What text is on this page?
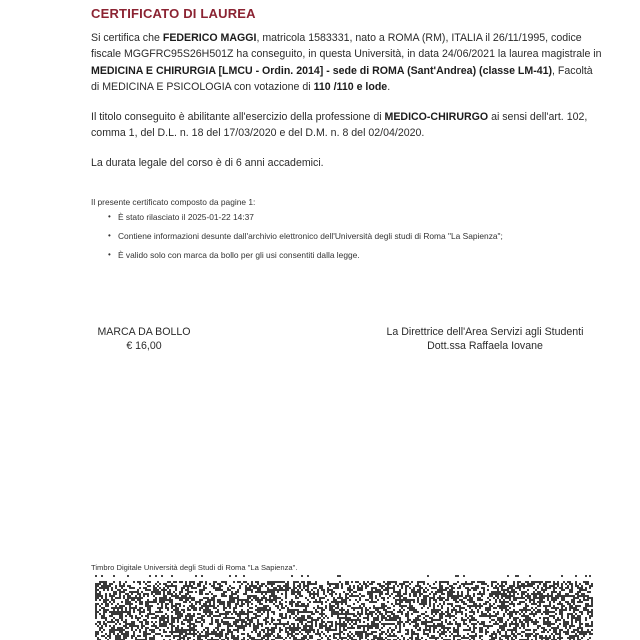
CERTIFICATO DI LAUREA
Si certifica che FEDERICO MAGGI, matricola 1583331, nato a ROMA (RM), ITALIA il 26/11/1995, codice fiscale MGGFRC95S26H501Z ha conseguito, in questa Università, in data 24/06/2021 la laurea magistrale in MEDICINA E CHIRURGIA [LMCU - Ordin. 2014] - sede di ROMA (Sant'Andrea) (classe LM-41), Facoltà di MEDICINA E PSICOLOGIA con votazione di 110 /110 e lode.
Il titolo conseguito è abilitante all'esercizio della professione di MEDICO-CHIRURGO ai sensi dell'art. 102, comma 1, del D.L. n. 18 del 17/03/2020 e del D.M. n. 8 del 02/04/2020.
La durata legale del corso è di 6 anni accademici.
Il presente certificato composto da pagine 1:
• È stato rilasciato il 2025-01-22 14:37
• Contiene informazioni desunte dall'archivio elettronico dell'Università degli studi di Roma "La Sapienza";
• È valido solo con marca da bollo per gli usi consentiti dalla legge.
MARCA DA BOLLO
€ 16,00
La Direttrice dell'Area Servizi agli Studenti
Dott.ssa Raffaela Iovane
Timbro Digitale Università degli Studi di Roma "La Sapienza".
